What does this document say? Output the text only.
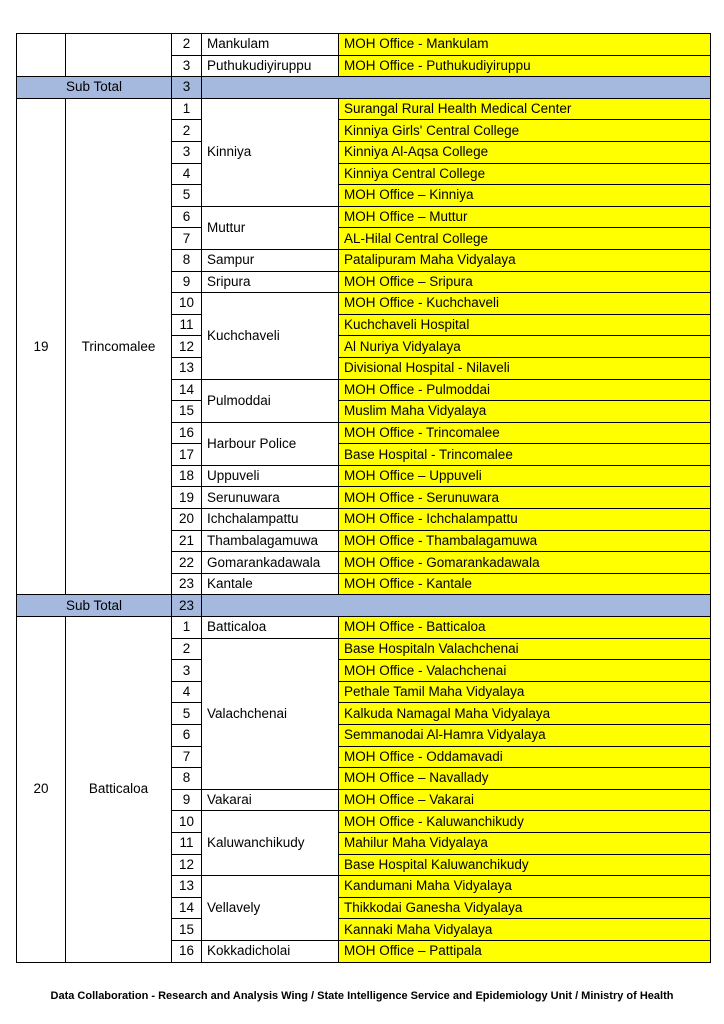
		2	Mankulam	MOH Office - Mankulam
		3	Puthukudiyiruppu	MOH Office - Puthukudiyiruppu
Sub Total		3		
19	Trincomalee	1	Kinniya	Surangal Rural Health Medical Center
		2		Kinniya Girls' Central College
		3		Kinniya Al-Aqsa College
		4		Kinniya Central College
		5		MOH Office – Kinniya
		6	Muttur	MOH Office – Muttur
		7		AL-Hilal Central College
		8	Sampur	Patalipuram Maha Vidyalaya
		9	Sripura	MOH Office – Sripura
		10	Kuchchaveli	MOH Office - Kuchchaveli
		11		Kuchchaveli Hospital
		12		Al Nuriya Vidyalaya
		13		Divisional Hospital - Nilaveli
		14	Pulmoddai	MOH Office - Pulmoddai
		15		Muslim Maha Vidyalaya
		16	Harbour Police	MOH Office - Trincomalee
		17		Base Hospital - Trincomalee
		18	Uppuveli	MOH Office – Uppuveli
		19	Serunuwara	MOH Office - Serunuwara
		20	Ichchalampattu	MOH Office - Ichchalampattu
		21	Thambalagamuwa	MOH Office - Thambalagamuwa
		22	Gomarankadawala	MOH Office - Gomarankadawala
		23	Kantale	MOH Office - Kantale
Sub Total		23		
20	Batticaloa	1	Batticaloa	MOH Office - Batticaloa
		2	Valachchenai	Base Hospitaln Valachchenai
		3		MOH Office - Valachchenai
		4		Pethale Tamil Maha Vidyalaya
		5		Kalkuda Namagal Maha Vidyalaya
		6		Semmanodai Al-Hamra Vidyalaya
		7		MOH Office - Oddamavadi
		8		MOH Office – Navallady
		9	Vakarai	MOH Office – Vakarai
		10	Kaluwanchikudy	MOH Office - Kaluwanchikudy
		11		Mahilur Maha Vidyalaya
		12		Base Hospital Kaluwanchikudy
		13	Vellavely	Kandumani Maha Vidyalaya
		14		Thikkodai Ganesha Vidyalaya
		15		Kannaki Maha Vidyalaya
		16	Kokkadicholai	MOH Office – Pattipala
Data Collaboration - Research and Analysis Wing / State Intelligence Service and Epidemiology Unit / Ministry of Health
